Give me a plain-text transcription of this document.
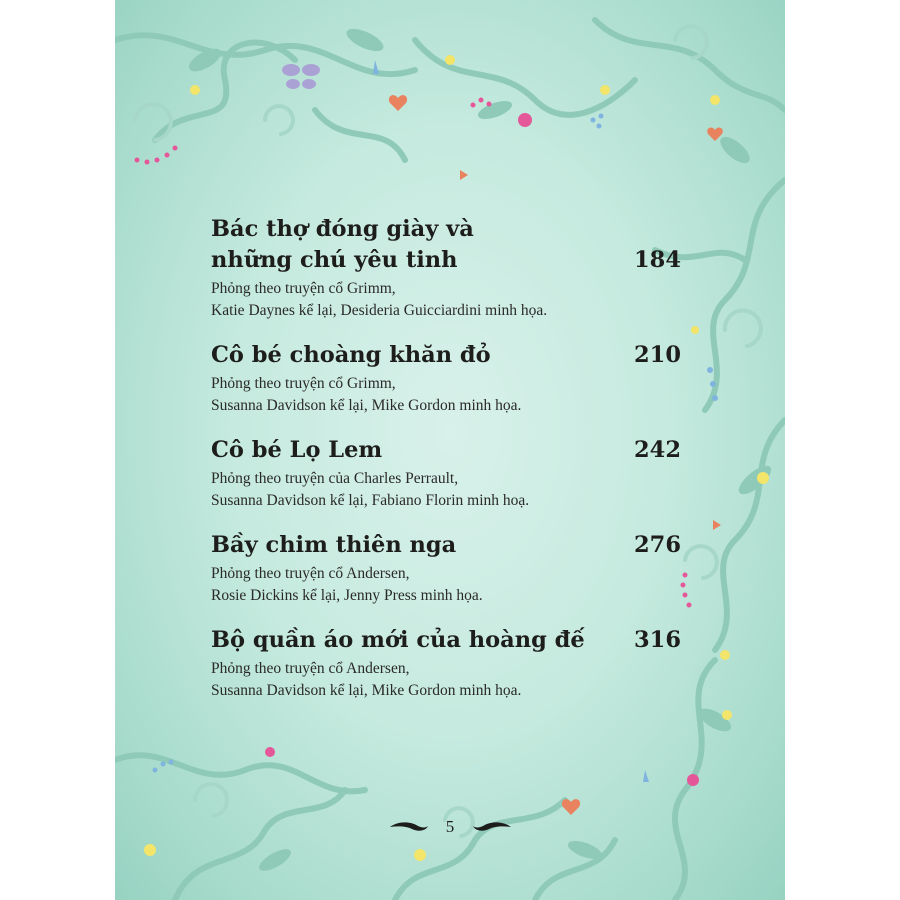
184
Bác thợ đóng giày và
những chú yêu tinh
Phỏng theo truyện cổ Grimm,
Katie Daynes kể lại, Desideria Guicciardini minh họa.
210
Cô bé choàng khăn đỏ
Phỏng theo truyện cổ Grimm,
Susanna Davidson kể lại, Mike Gordon minh họa.
242
Cô bé Lọ Lem
Phỏng theo truyện của Charles Perrault,
Susanna Davidson kể lại, Fabiano Florin minh hoạ.
276
Bầy chim thiên nga
Phỏng theo truyện cổ Andersen,
Rosie Dickins kể lại, Jenny Press minh họa.
316
Bộ quần áo mới của hoàng đế
Phỏng theo truyện cổ Andersen,
Susanna Davidson kể lại, Mike Gordon minh họa.
5
